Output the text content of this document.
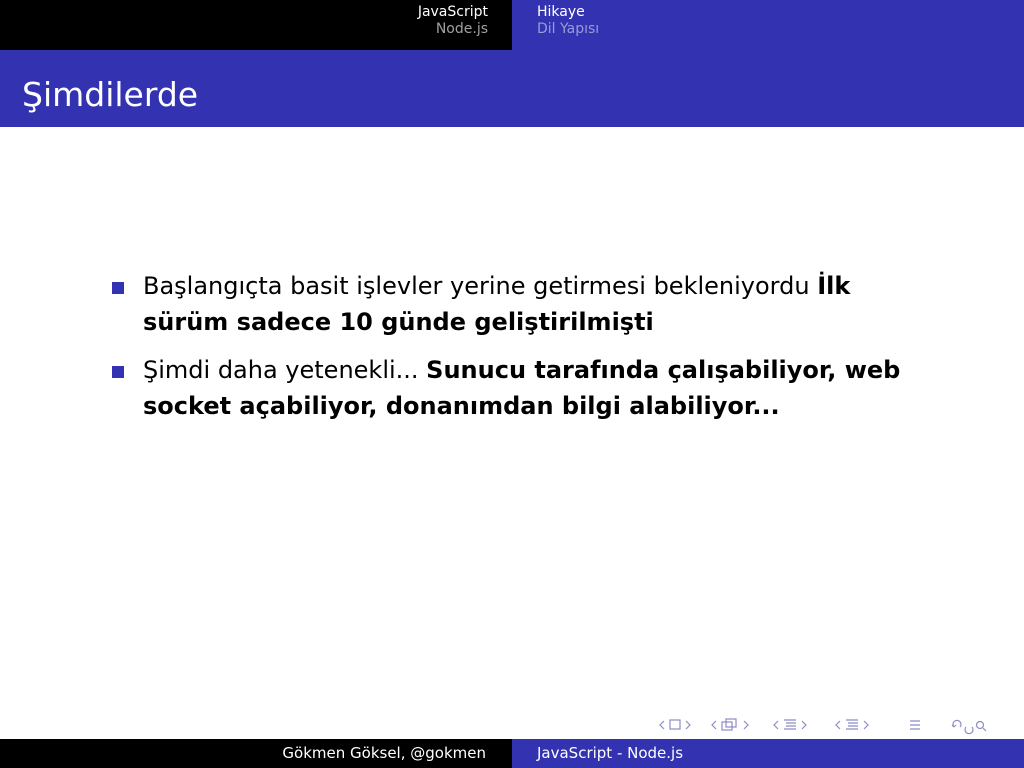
JavaScript
Node.js
Hikaye
Dil Yapısı
Şimdilerde
Başlangıçta basit işlevler yerine getirmesi bekleniyordu İlk sürüm sadece 10 günde geliştirilmişti
Şimdi daha yetenekli... Sunucu tarafında çalışabiliyor, web socket açabiliyor, donanımdan bilgi alabiliyor...
Gökmen Göksel, @gokmen	JavaScript - Node.js
